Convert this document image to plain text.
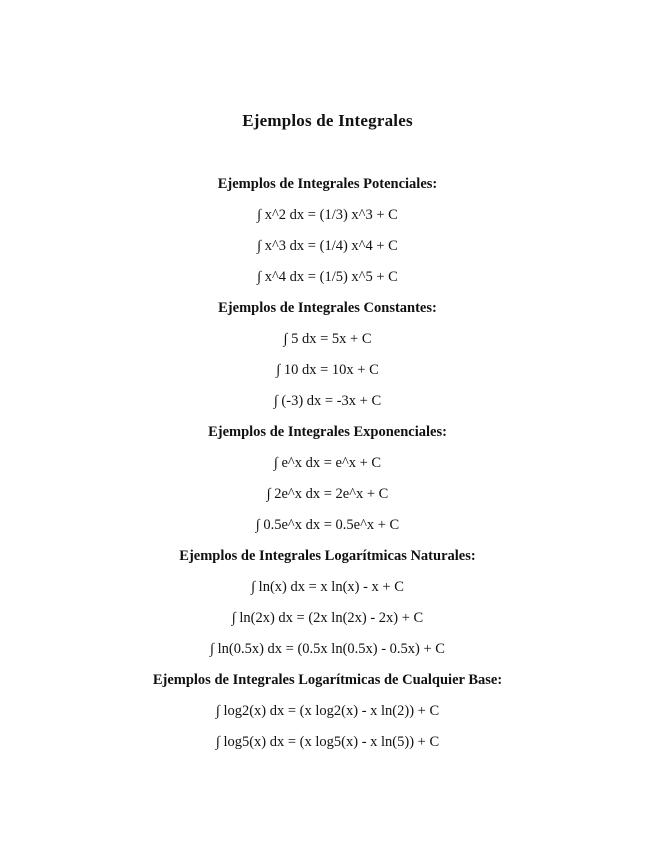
Ejemplos de Integrales
Ejemplos de Integrales Potenciales:
∫ x^2 dx = (1/3) x^3 + C
∫ x^3 dx = (1/4) x^4 + C
∫ x^4 dx = (1/5) x^5 + C
Ejemplos de Integrales Constantes:
∫ 5 dx = 5x + C
∫ 10 dx = 10x + C
∫ (-3) dx = -3x + C
Ejemplos de Integrales Exponenciales:
∫ e^x dx = e^x + C
∫ 2e^x dx = 2e^x + C
∫ 0.5e^x dx = 0.5e^x + C
Ejemplos de Integrales Logarítmicas Naturales:
∫ ln(x) dx = x ln(x) - x + C
∫ ln(2x) dx = (2x ln(2x) - 2x) + C
∫ ln(0.5x) dx = (0.5x ln(0.5x) - 0.5x) + C
Ejemplos de Integrales Logarítmicas de Cualquier Base:
∫ log2(x) dx = (x log2(x) - x ln(2)) + C
∫ log5(x) dx = (x log5(x) - x ln(5)) + C
